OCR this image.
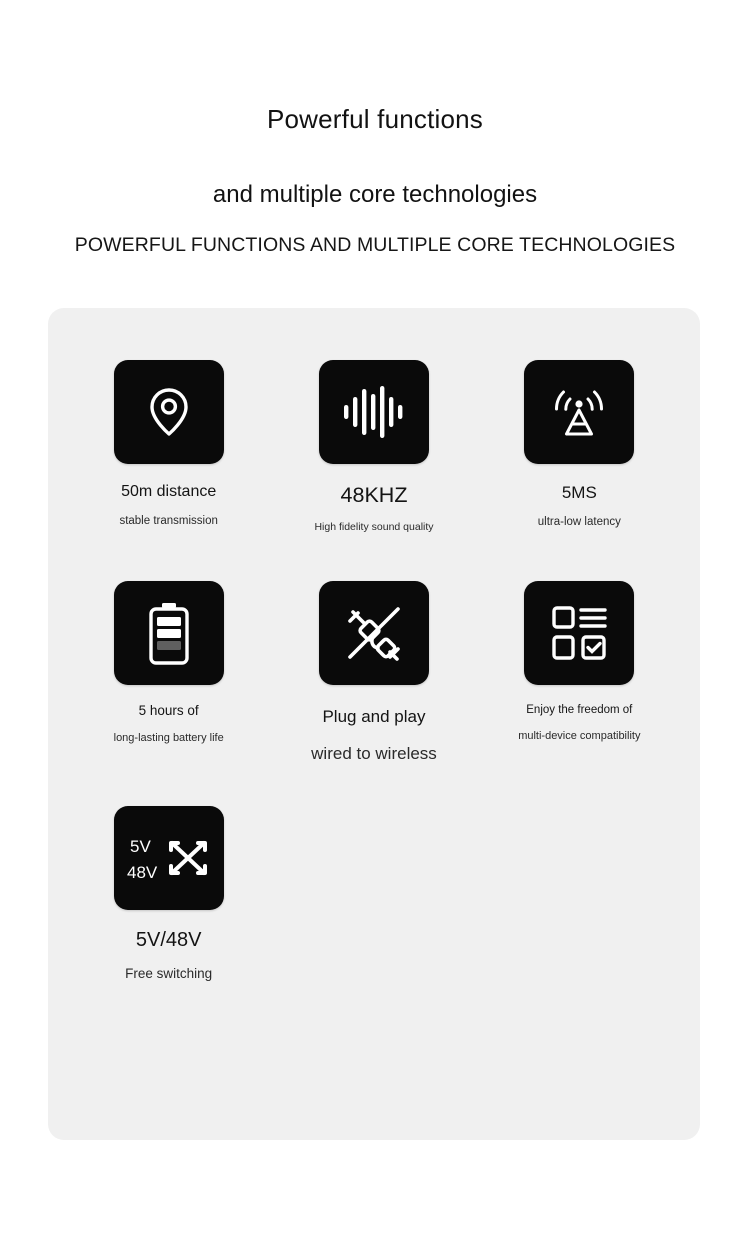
Powerful functions
and multiple core technologies
POWERFUL FUNCTIONS AND MULTIPLE CORE TECHNOLOGIES
50m distance
stable transmission
48KHZ
High fidelity sound quality
5MS
ultra-low latency
5 hours of
long-lasting battery life
Plug and play
wired to wireless
Enjoy the freedom of
multi-device compatibility
5V
48V
5V/48V
Free switching
